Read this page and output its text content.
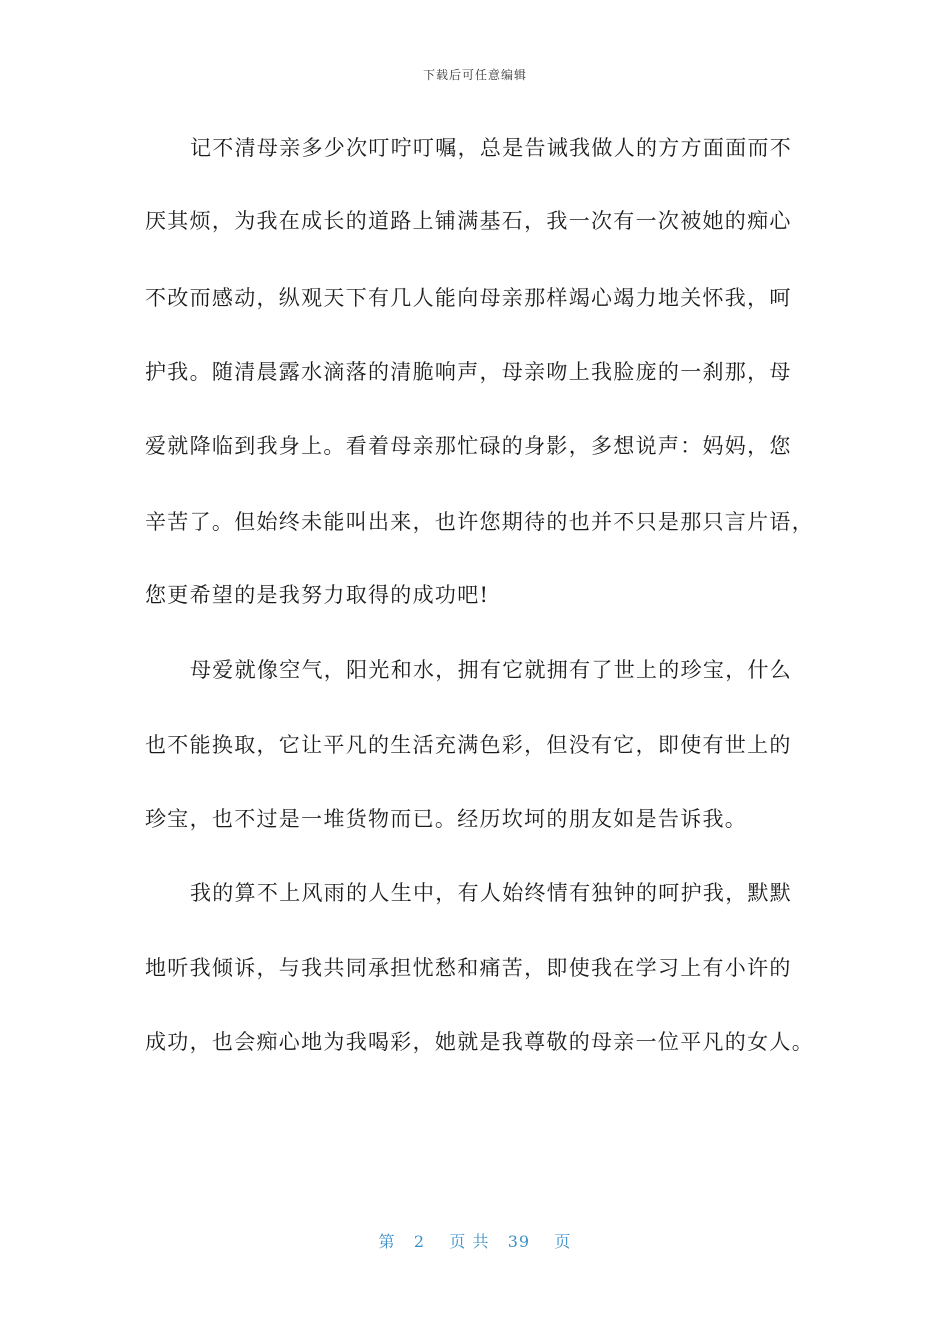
下载后可任意编辑
记不清母亲多少次叮咛叮嘱，总是告诫我做人的方方面面而不
厌其烦，为我在成长的道路上铺满基石，我一次有一次被她的痴心
不改而感动，纵观天下有几人能向母亲那样竭心竭力地关怀我，呵
护我。随清晨露水滴落的清脆响声，母亲吻上我脸庞的一刹那，母
爱就降临到我身上。看着母亲那忙碌的身影，多想说声：妈妈，您
辛苦了。但始终未能叫出来，也许您期待的也并不只是那只言片语，
您更希望的是我努力取得的成功吧!
母爱就像空气，阳光和水，拥有它就拥有了世上的珍宝，什么
也不能换取，它让平凡的生活充满色彩，但没有它，即使有世上的
珍宝，也不过是一堆货物而已。经历坎坷的朋友如是告诉我。
我的算不上风雨的人生中，有人始终情有独钟的呵护我，默默
地听我倾诉，与我共同承担忧愁和痛苦，即使我在学习上有小许的
成功，也会痴心地为我喝彩，她就是我尊敬的母亲一位平凡的女人。
第 2 页 共 39 页
